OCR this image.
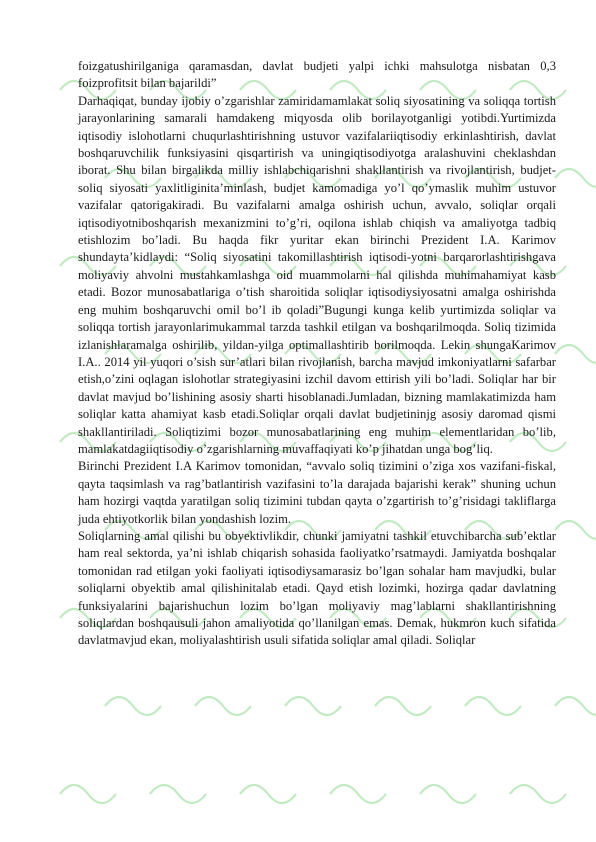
foizgatushirilganiga qaramasdan, davlat budjeti yalpi ichki mahsulotga nisbatan 0,3 foizprofitsit bilan bajarildi”

Darhaqiqat, bunday ijobiy o’zgarishlar zamiridamamlakat soliq siyosatining va soliqqa tortish jarayonlarining samarali hamdakeng miqyosda olib borilayotganligi yotibdi.Yurtimizda iqtisodiy islohotlarni chuqurlashtirishning ustuvor vazifalariiqtisodiy erkinlashtirish, davlat boshqaruvchilik funksiyasini qisqartirish va uningiqtisodiyotga aralashuvini cheklashdan iborat. Shu bilan birgalikda milliy ishlabchiqarishni shakllantirish va rivojlantirish, budjet-soliq siyosati yaxlitliginita’minlash, budjet kamomadiga yo’l qo’ymaslik muhim ustuvor vazifalar qatorigakiradi. Bu vazifalarni amalga oshirish uchun, avvalo, soliqlar orqali iqtisodiyotniboshqarish mexanizmini to’g’ri, oqilona ishlab chiqish va amaliyotga tadbiq etishlozim bo’ladi. Bu haqda fikr yuritar ekan birinchi Prezident I.A. Karimov shundayta’kidlaydi: “Soliq siyosatini takomillashtirish iqtisodi-yotni barqarorlashtirishgava moliyaviy ahvolni mustahkamlashga oid muammolarni hal qilishda muhimahamiyat kasb etadi. Bozor munosabatlariga o’tish sharoitida soliqlar iqtisodiysiyosatni amalga oshirishda eng muhim boshqaruvchi omil bo’l ib qoladi”Bugungi kunga kelib yurtimizda soliqlar va soliqqa tortish jarayonlarimukammal tarzda tashkil etilgan va boshqarilmoqda. Soliq tizimida izlanishlaramalga oshirilib, yildan-yilga optimallashtirib borilmoqda. Lekin shungaKarimov I.A.. 2014 yil yuqori o’sish sur’atlari bilan rivojlanish, barcha mavjud imkoniyatlarni safarbar etish,o’zini oqlagan islohotlar strategiyasini izchil davom ettirish yili bo’ladi. Soliqlar har bir davlat mavjud bo’lishining asosiy sharti hisoblanadi.Jumladan, bizning mamlakatimizda ham soliqlar katta ahamiyat kasb etadi.Soliqlar orqali davlat budjetininjg asosiy daromad qismi shakllantiriladi. Soliqtizimi bozor munosabatlarining eng muhim elementlaridan bo’lib, mamlakatdagiiqtisodiy o’zgarishlarning muvaffaqiyati ko’p jihatdan unga bog’liq.

Birinchi Prezident I.A Karimov tomonidan, “avvalo soliq tizimini o’ziga xos vazifani-fiskal, qayta taqsimlash va rag’batlantirish vazifasini to’la darajada bajarishi kerak” shuning uchun ham hozirgi vaqtda yaratilgan soliq tizimini tubdan qayta o’zgartirish to’g’risidagi takliflarga juda ehtiyotkorlik bilan yondashish lozim.

Soliqlarning amal qilishi bu obyektivlikdir, chunki jamiyatni tashkil etuvchibarcha sub’ektlar ham real sektorda, ya’ni ishlab chiqarish sohasida faoliyatko’rsatmaydi. Jamiyatda boshqalar tomonidan rad etilgan yoki faoliyati iqtisodiysamarasiz bo’lgan sohalar ham mavjudki, bular soliqlarni obyektib amal qilishinitalab etadi. Qayd etish lozimki, hozirga qadar davlatning funksiyalarini bajarishuchun lozim bo’lgan moliyaviy mag’lablarni shakllantirishning soliqlardan boshqausuli jahon amaliyotida qo’llanilgan emas. Demak, hukmron kuch sifatida davlatmavjud ekan, moliyalashtirish usuli sifatida soliqlar amal qiladi. Soliqlar
